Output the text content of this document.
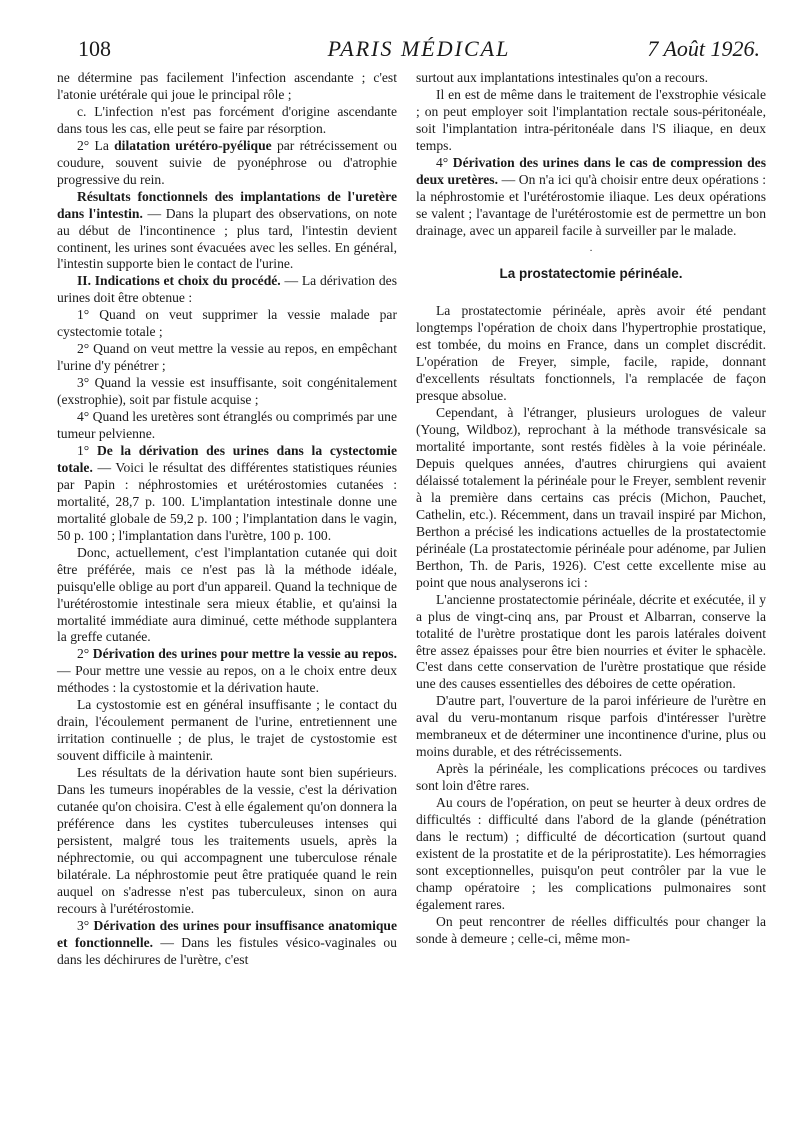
108	PARIS MÉDICAL	7 Août 1926.

ne détermine pas facilement l'infection ascendante ; c'est l'atonie urétérale qui joue le principal rôle ;

c. L'infection n'est pas forcément d'origine ascendante dans tous les cas, elle peut se faire par résorption.

2° La dilatation urétéro-pyélique par rétrécissement ou coudure, souvent suivie de pyonéphrose ou d'atrophie progressive du rein.

Résultats fonctionnels des implantations de l'uretère dans l'intestin. — Dans la plupart des observations, on note au début de l'incontinence ; plus tard, l'intestin devient continent, les urines sont évacuées avec les selles. En général, l'intestin supporte bien le contact de l'urine.

II. Indications et choix du procédé. — La dérivation des urines doit être obtenue :

1° Quand on veut supprimer la vessie malade par cystectomie totale ;

2° Quand on veut mettre la vessie au repos, en empêchant l'urine d'y pénétrer ;

3° Quand la vessie est insuffisante, soit congénitalement (exstrophie), soit par fistule acquise ;

4° Quand les uretères sont étranglés ou comprimés par une tumeur pelvienne.

1° De la dérivation des urines dans la cystectomie totale. — Voici le résultat des différentes statistiques réunies par Papin : néphrostomies et urétérostomies cutanées : mortalité, 28,7 p. 100. L'implantation intestinale donne une mortalité globale de 59,2 p. 100 ; l'implantation dans le vagin, 50 p. 100 ; l'implantation dans l'urètre, 100 p. 100.

Donc, actuellement, c'est l'implantation cutanée qui doit être préférée, mais ce n'est pas là la méthode idéale, puisqu'elle oblige au port d'un appareil. Quand la technique de l'urétérostomie intestinale sera mieux établie, et qu'ainsi la mortalité immédiate aura diminué, cette méthode supplantera la greffe cutanée.

2° Dérivation des urines pour mettre la vessie au repos. — Pour mettre une vessie au repos, on a le choix entre deux méthodes : la cystostomie et la dérivation haute.

La cystostomie est en général insuffisante ; le contact du drain, l'écoulement permanent de l'urine, entretiennent une irritation continuelle ; de plus, le trajet de cystostomie est souvent difficile à maintenir.

Les résultats de la dérivation haute sont bien supérieurs. Dans les tumeurs inopérables de la vessie, c'est la dérivation cutanée qu'on choisira. C'est à elle également qu'on donnera la préférence dans les cystites tuberculeuses intenses qui persistent, malgré tous les traitements usuels, après la néphrectomie, ou qui accompagnent une tuberculose rénale bilatérale. La néphrostomie peut être pratiquée quand le rein auquel on s'adresse n'est pas tuberculeux, sinon on aura recours à l'urétérostomie.

3° Dérivation des urines pour insuffisance anatomique et fonctionnelle. — Dans les fistules vésico-vaginales ou dans les déchirures de l'urètre, c'est

surtout aux implantations intestinales qu'on a recours.

Il en est de même dans le traitement de l'exstrophie vésicale ; on peut employer soit l'implantation rectale sous-péritonéale, soit l'implantation intra-péritonéale dans l'S iliaque, en deux temps.

4° Dérivation des urines dans le cas de compression des deux uretères. — On n'a ici qu'à choisir entre deux opérations : la néphrostomie et l'urétérostomie iliaque. Les deux opérations se valent ; l'avantage de l'urétérostomie est de permettre un bon drainage, avec un appareil facile à surveiller par le malade.

·
La prostatectomie périnéale.

La prostatectomie périnéale, après avoir été pendant longtemps l'opération de choix dans l'hypertrophie prostatique, est tombée, du moins en France, dans un complet discrédit. L'opération de Freyer, simple, facile, rapide, donnant d'excellents résultats fonctionnels, l'a remplacée de façon presque absolue.

Cependant, à l'étranger, plusieurs urologues de valeur (Young, Wildboz), reprochant à la méthode transvésicale sa mortalité importante, sont restés fidèles à la voie périnéale. Depuis quelques années, d'autres chirurgiens qui avaient délaissé totalement la périnéale pour le Freyer, semblent revenir à la première dans certains cas précis (Michon, Pauchet, Cathelin, etc.). Récemment, dans un travail inspiré par Michon, Berthon a précisé les indications actuelles de la prostatectomie périnéale (La prostatectomie périnéale pour adénome, par Julien Berthon, Th. de Paris, 1926). C'est cette excellente mise au point que nous analyserons ici :

L'ancienne prostatectomie périnéale, décrite et exécutée, il y a plus de vingt-cinq ans, par Proust et Albarran, conserve la totalité de l'urètre prostatique dont les parois latérales doivent être assez épaisses pour être bien nourries et éviter le sphacèle. C'est dans cette conservation de l'urètre prostatique que réside une des causes essentielles des déboires de cette opération.

D'autre part, l'ouverture de la paroi inférieure de l'urètre en aval du veru-montanum risque parfois d'intéresser l'urètre membraneux et de déterminer une incontinence d'urine, plus ou moins durable, et des rétrécissements.

Après la périnéale, les complications précoces ou tardives sont loin d'être rares.

Au cours de l'opération, on peut se heurter à deux ordres de difficultés : difficulté dans l'abord de la glande (pénétration dans le rectum) ; difficulté de décortication (surtout quand existent de la prostatite et de la périprostatite). Les hémorragies sont exceptionnelles, puisqu'on peut contrôler par la vue le champ opératoire ; les complications pulmonaires sont également rares.

On peut rencontrer de réelles difficultés pour changer la sonde à demeure ; celle-ci, même mon-
